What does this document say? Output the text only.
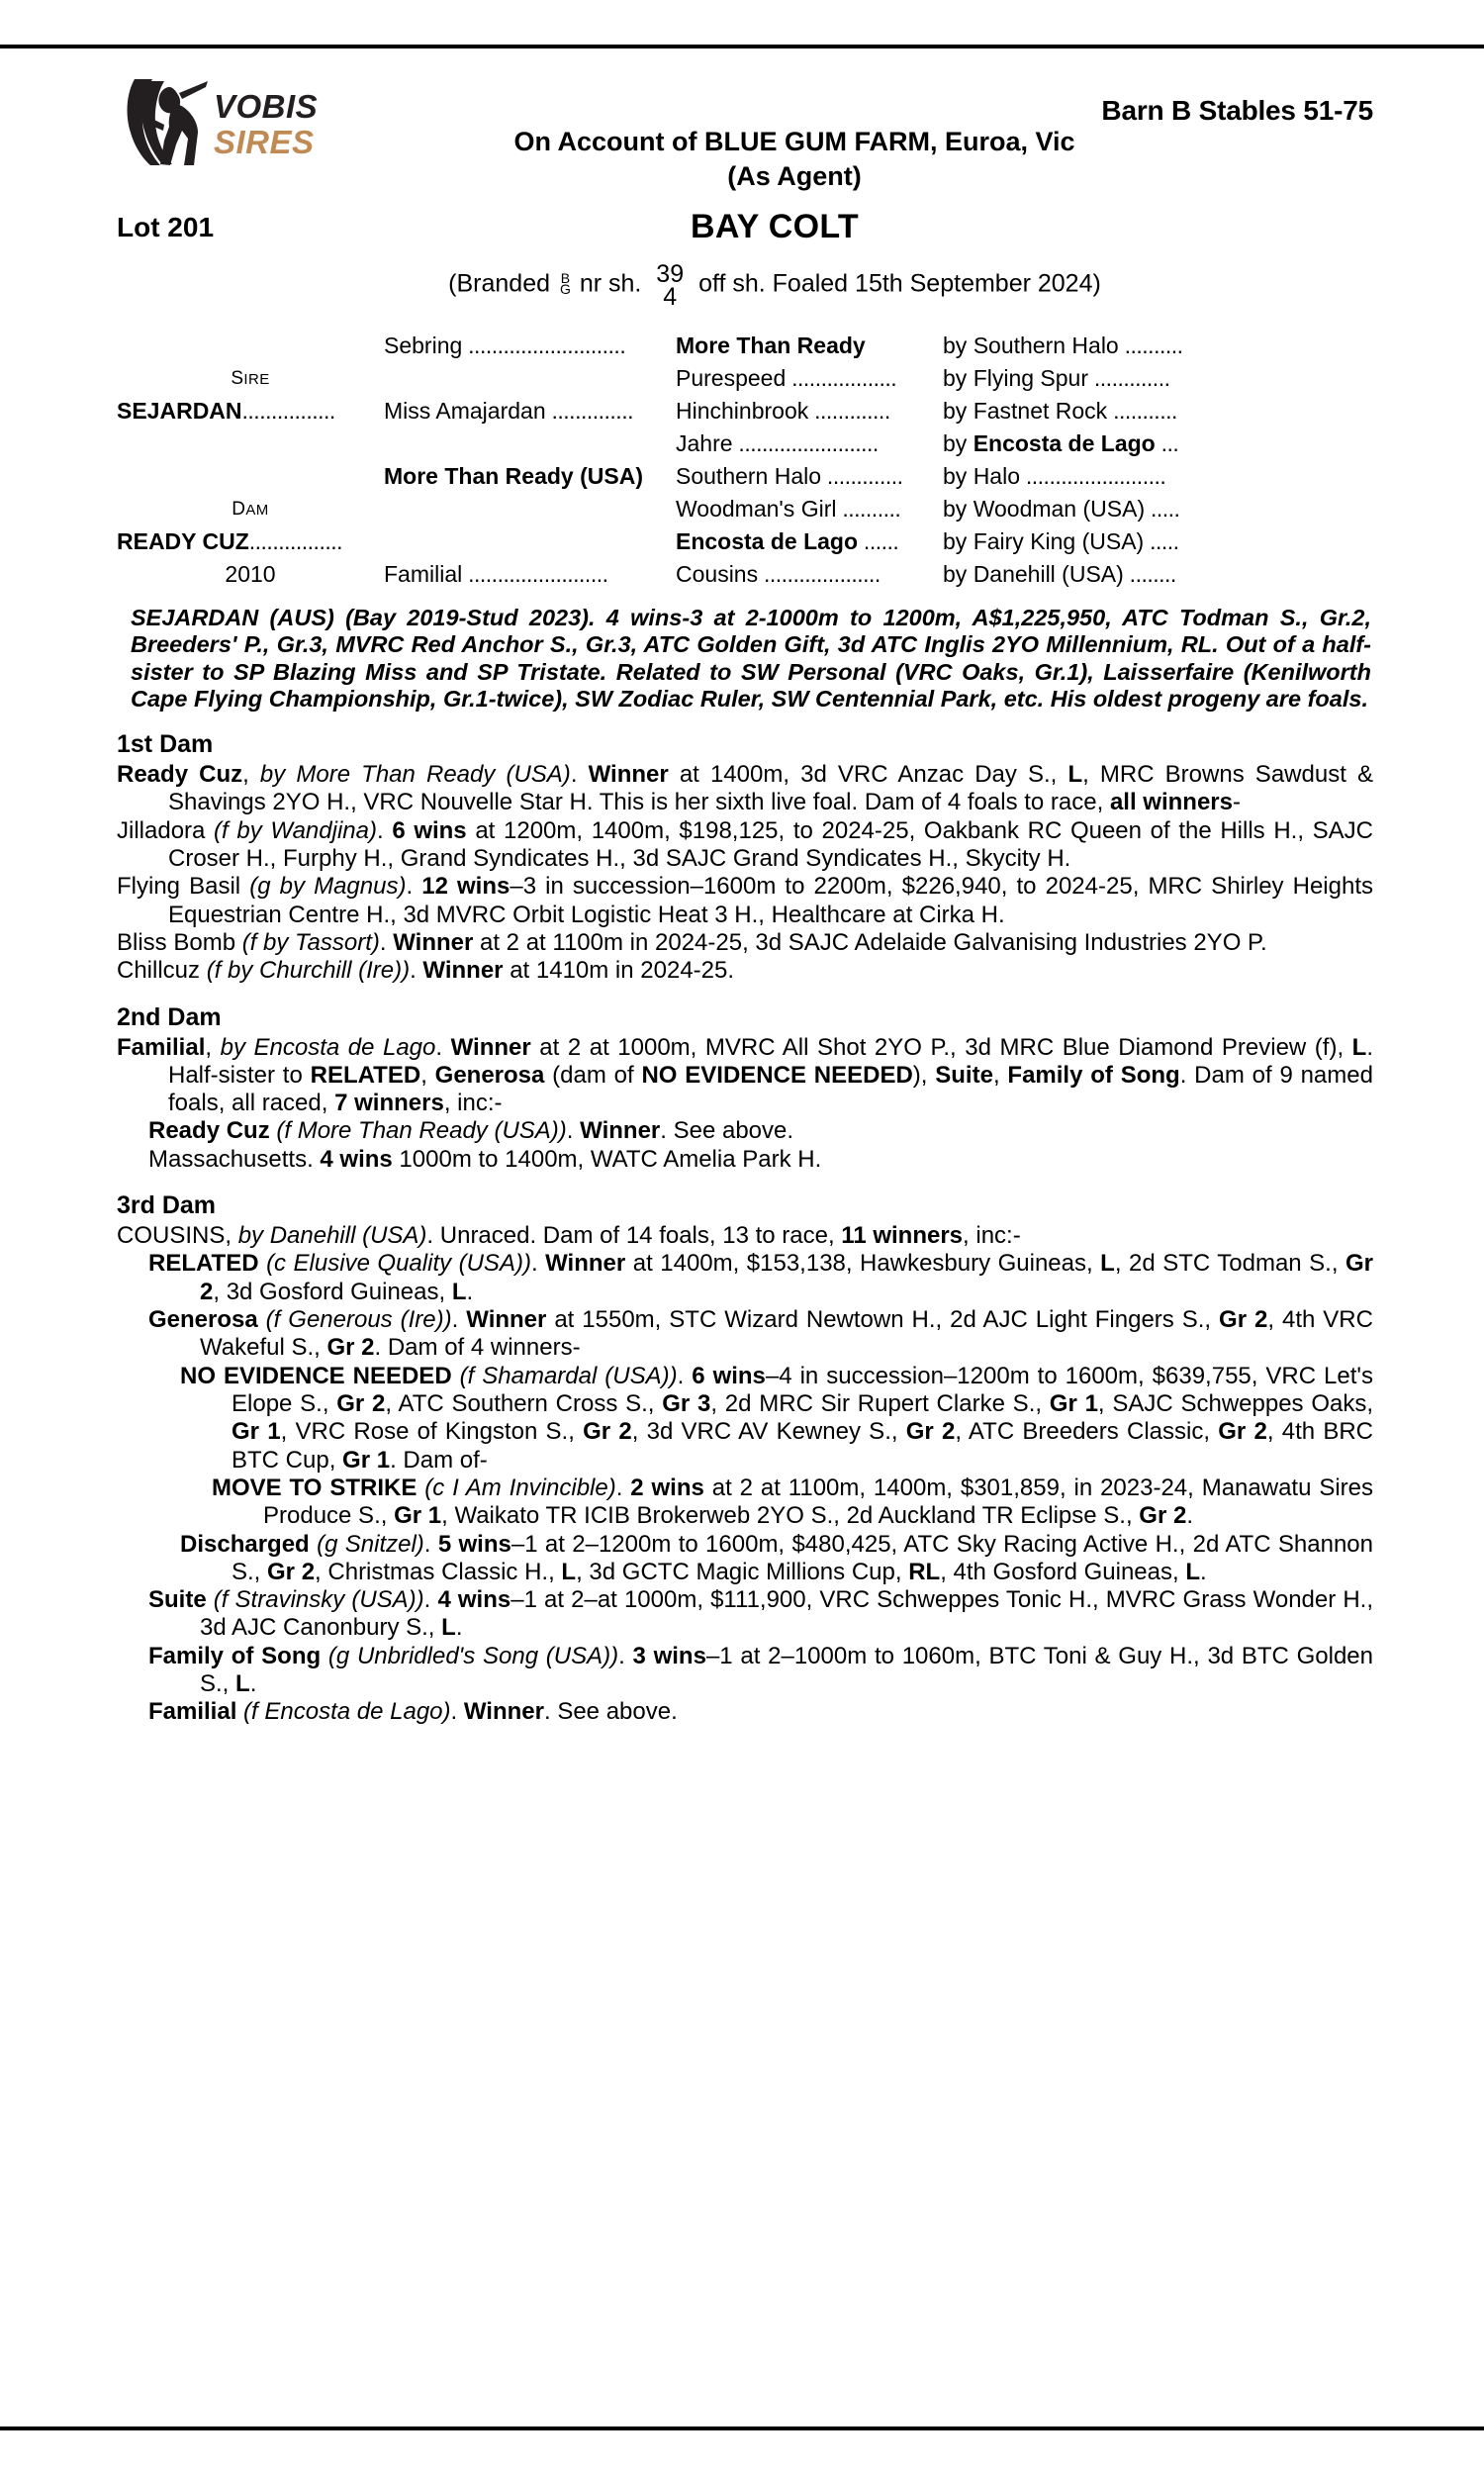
VOBIS
SIRES
Barn B Stables 51-75
On Account of BLUE GUM FARM, Euroa, Vic
(As Agent)
Lot 201	BAY COLT
(Branded B
G nr sh. 39
4 off sh. Foaled 15th September 2024)
	Sebring ...........................	More Than Ready	by Southern Halo ..........
SIRE		Purespeed ..................	by Flying Spur .............
SEJARDAN................	Miss Amajardan ..............	Hinchinbrook .............	by Fastnet Rock ...........
		Jahre ........................	by Encosta de Lago ...
	More Than Ready (USA)	Southern Halo .............	by Halo ........................
DAM		Woodman's Girl ..........	by Woodman (USA) .....
READY CUZ................		Encosta de Lago ......	by Fairy King (USA) .....
2010	Familial ........................	Cousins ....................	by Danehill (USA) ........
SEJARDAN (AUS) (Bay 2019-Stud 2023). 4 wins-3 at 2-1000m to 1200m, A$1,225,950, ATC Todman S., Gr.2, Breeders' P., Gr.3, MVRC Red Anchor S., Gr.3, ATC Golden Gift, 3d ATC Inglis 2YO Millennium, RL. Out of a half-sister to SP Blazing Miss and SP Tristate. Related to SW Personal (VRC Oaks, Gr.1), Laisserfaire (Kenilworth Cape Flying Championship, Gr.1-twice), SW Zodiac Ruler, SW Centennial Park, etc. His oldest progeny are foals.
1st Dam
Ready Cuz, by More Than Ready (USA). Winner at 1400m, 3d VRC Anzac Day S., L, MRC Browns Sawdust & Shavings 2YO H., VRC Nouvelle Star H. This is her sixth live foal. Dam of 4 foals to race, all winners-
Jilladora (f by Wandjina). 6 wins at 1200m, 1400m, $198,125, to 2024-25, Oakbank RC Queen of the Hills H., SAJC Croser H., Furphy H., Grand Syndicates H., 3d SAJC Grand Syndicates H., Skycity H.
Flying Basil (g by Magnus). 12 wins–3 in succession–1600m to 2200m, $226,940, to 2024-25, MRC Shirley Heights Equestrian Centre H., 3d MVRC Orbit Logistic Heat 3 H., Healthcare at Cirka H.
Bliss Bomb (f by Tassort). Winner at 2 at 1100m in 2024-25, 3d SAJC Adelaide Galvanising Industries 2YO P.
Chillcuz (f by Churchill (Ire)). Winner at 1410m in 2024-25.
2nd Dam
Familial, by Encosta de Lago. Winner at 2 at 1000m, MVRC All Shot 2YO P., 3d MRC Blue Diamond Preview (f), L. Half-sister to RELATED, Generosa (dam of NO EVIDENCE NEEDED), Suite, Family of Song. Dam of 9 named foals, all raced, 7 winners, inc:-
Ready Cuz (f More Than Ready (USA)). Winner. See above.
Massachusetts. 4 wins 1000m to 1400m, WATC Amelia Park H.
3rd Dam
COUSINS, by Danehill (USA). Unraced. Dam of 14 foals, 13 to race, 11 winners, inc:-
RELATED (c Elusive Quality (USA)). Winner at 1400m, $153,138, Hawkesbury Guineas, L, 2d STC Todman S., Gr 2, 3d Gosford Guineas, L.
Generosa (f Generous (Ire)). Winner at 1550m, STC Wizard Newtown H., 2d AJC Light Fingers S., Gr 2, 4th VRC Wakeful S., Gr 2. Dam of 4 winners-
NO EVIDENCE NEEDED (f Shamardal (USA)). 6 wins–4 in succession–1200m to 1600m, $639,755, VRC Let's Elope S., Gr 2, ATC Southern Cross S., Gr 3, 2d MRC Sir Rupert Clarke S., Gr 1, SAJC Schweppes Oaks, Gr 1, VRC Rose of Kingston S., Gr 2, 3d VRC AV Kewney S., Gr 2, ATC Breeders Classic, Gr 2, 4th BRC BTC Cup, Gr 1. Dam of-
MOVE TO STRIKE (c I Am Invincible). 2 wins at 2 at 1100m, 1400m, $301,859, in 2023-24, Manawatu Sires Produce S., Gr 1, Waikato TR ICIB Brokerweb 2YO S., 2d Auckland TR Eclipse S., Gr 2.
Discharged (g Snitzel). 5 wins–1 at 2–1200m to 1600m, $480,425, ATC Sky Racing Active H., 2d ATC Shannon S., Gr 2, Christmas Classic H., L, 3d GCTC Magic Millions Cup, RL, 4th Gosford Guineas, L.
Suite (f Stravinsky (USA)). 4 wins–1 at 2–at 1000m, $111,900, VRC Schweppes Tonic H., MVRC Grass Wonder H., 3d AJC Canonbury S., L.
Family of Song (g Unbridled's Song (USA)). 3 wins–1 at 2–1000m to 1060m, BTC Toni & Guy H., 3d BTC Golden S., L.
Familial (f Encosta de Lago). Winner. See above.
